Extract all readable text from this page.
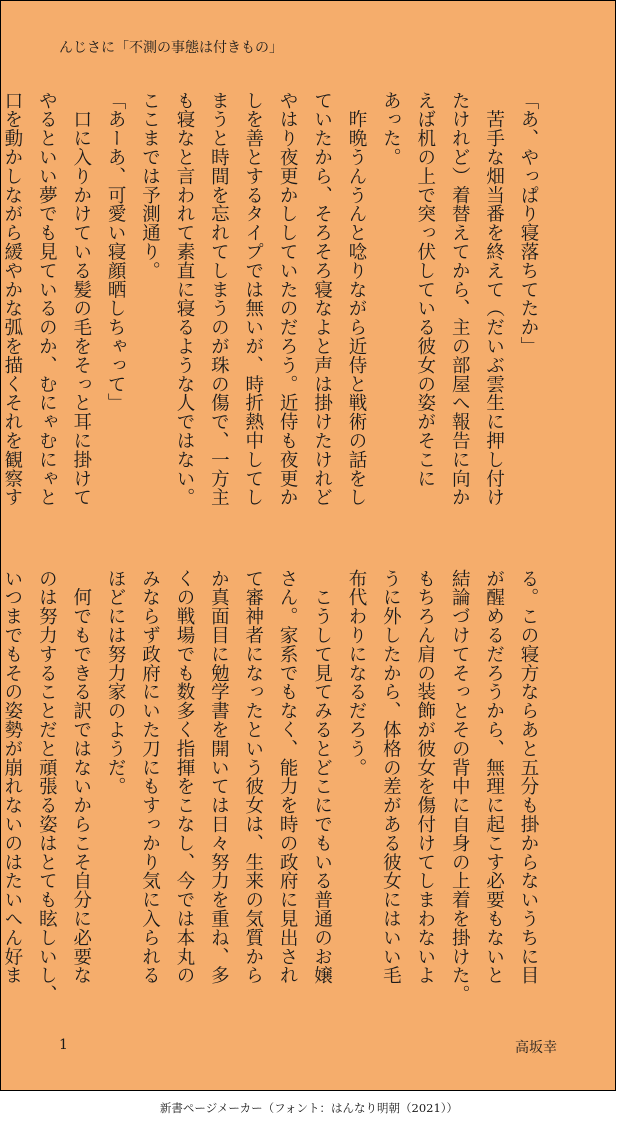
んじさに「不測の事態は付きもの」
「あ、やっぱり寝落ちてたか」
　苦手な畑当番を終えて（だいぶ雲生に押し付け
たけれど）着替えてから、主の部屋へ報告に向か
えば机の上で突っ伏している彼女の姿がそこに
あった。
　昨晩うんうんと唸りながら近侍と戦術の話をし
ていたから、そろそろ寝なよと声は掛けたけれど
やはり夜更かししていたのだろう。近侍も夜更か
しを善とするタイプでは無いが、時折熱中してし
まうと時間を忘れてしまうのが珠の傷で、一方主
も寝なと言われて素直に寝るような人ではない。
ここまでは予測通り。
「あーあ、可愛い寝顔晒しちゃって」
　口に入りかけている髪の毛をそっと耳に掛けて
やるといい夢でも見ているのか、むにゃむにゃと
口を動かしながら緩やかな弧を描くそれを観察す
る。この寝方ならあと五分も掛からないうちに目
が醒めるだろうから、無理に起こす必要もないと
結論づけてそっとその背中に自身の上着を掛けた。
もちろん肩の装飾が彼女を傷付けてしまわないよ
うに外したから、体格の差がある彼女にはいい毛
布代わりになるだろう。
　こうして見てみるとどこにでもいる普通のお嬢
さん。家系でもなく、能力を時の政府に見出され
て審神者になったという彼女は、生来の気質から
か真面目に勉学書を開いては日々努力を重ね、多
くの戦場でも数多く指揮をこなし、今では本丸の
みならず政府にいた刀にもすっかり気に入られる
ほどには努力家のようだ。
　何でもできる訳ではないからこそ自分に必要な
のは努力することだと頑張る姿はとても眩しいし、
いつまでもその姿勢が崩れないのはたいへん好ま
1	高坂幸
新書ページメーカー（フォント：はんなり明朝（2021））
